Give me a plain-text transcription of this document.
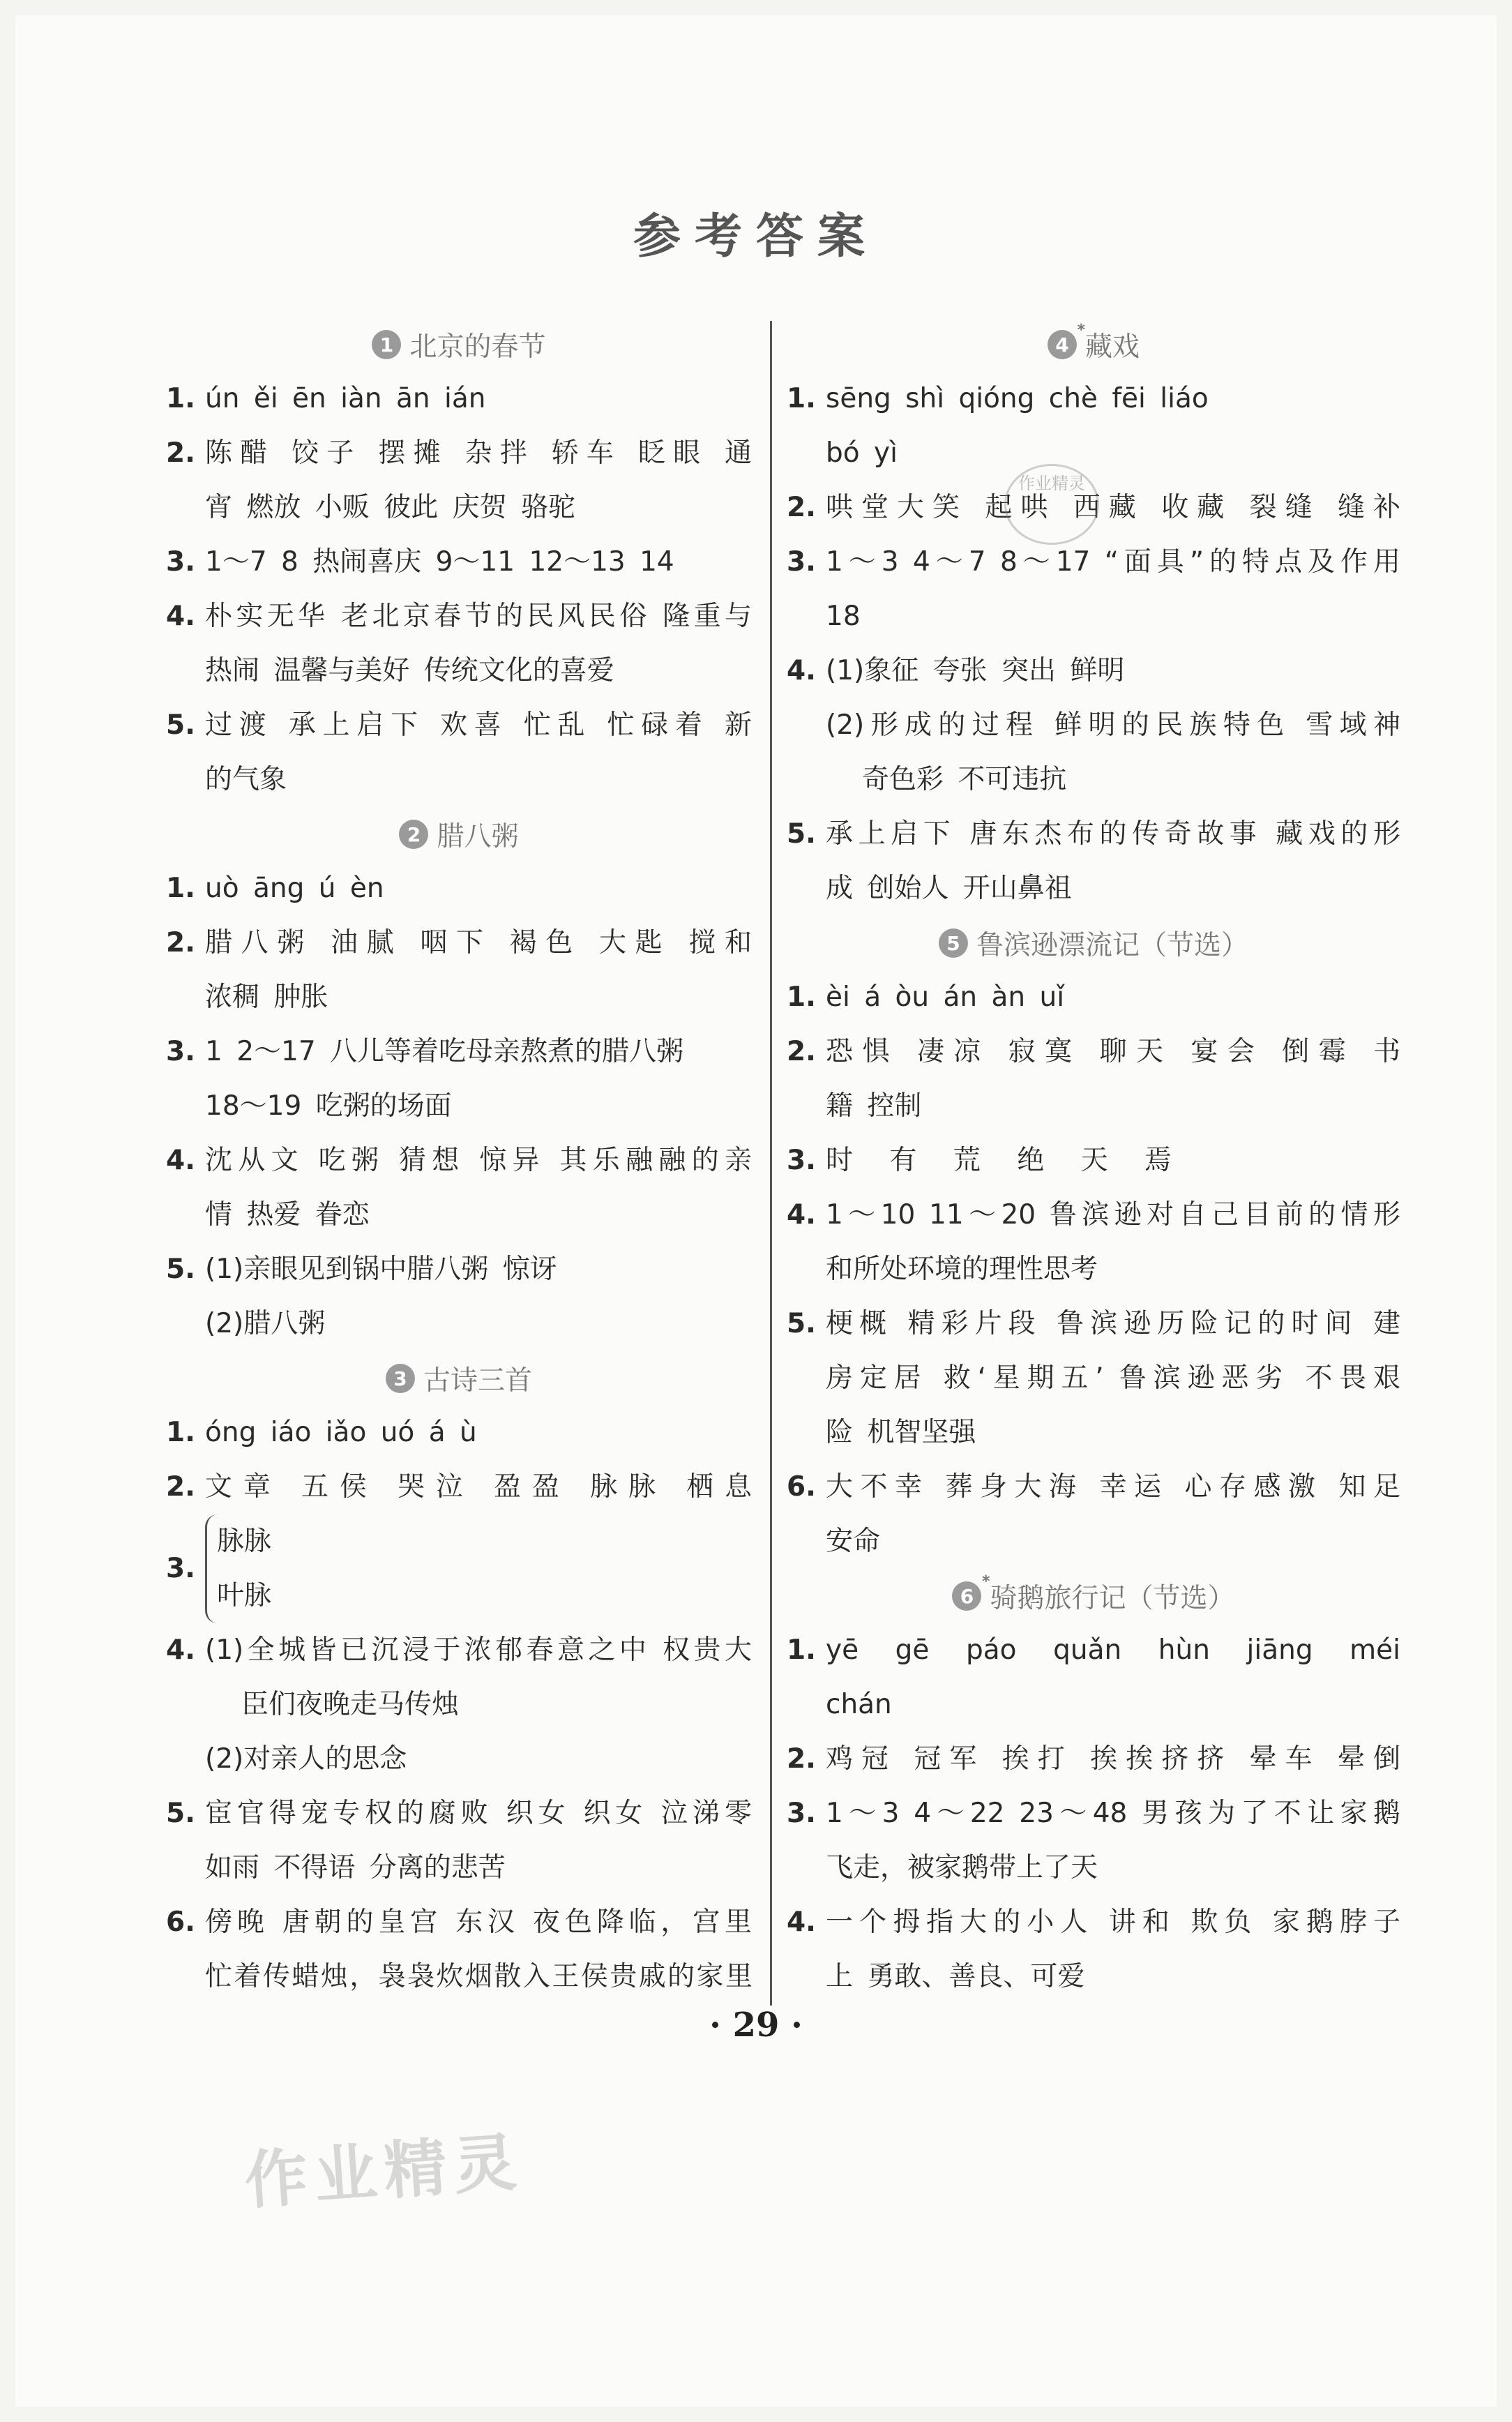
参考答案
1 北京的春节
1. ún ěi ēn iàn ān ián
2. 陈醋 饺子 摆摊 杂拌 轿车 眨眼 通
宵 燃放 小贩 彼此 庆贺 骆驼
3. 1～7 8 热闹喜庆 9～11 12～13 14
4. 朴实无华 老北京春节的民风民俗 隆重与
热闹 温馨与美好 传统文化的喜爱
5. 过渡 承上启下 欢喜 忙乱 忙碌着 新
的气象
2 腊八粥
1. uò āng ú èn
2. 腊八粥 油腻 咽下 褐色 大匙 搅和
浓稠 肿胀
3. 1 2～17 八儿等着吃母亲熬煮的腊八粥
18～19 吃粥的场面
4. 沈从文 吃粥 猜想 惊异 其乐融融的亲
情 热爱 眷恋
5. (1)亲眼见到锅中腊八粥 惊讶
(2)腊八粥
3 古诗三首
1. óng iáo iǎo uó á ù
2. 文章 五侯 哭泣 盈盈 脉脉 栖息
3.
脉脉
叶脉
4. (1)全城皆已沉浸于浓郁春意之中 权贵大
臣们夜晚走马传烛
(2)对亲人的思念
5. 宦官得宠专权的腐败 织女 织女 泣涕零
如雨 不得语 分离的悲苦
6. 傍晚 唐朝的皇宫 东汉 夜色降临，宫里
忙着传蜡烛，袅袅炊烟散入王侯贵戚的家里
4
*
藏戏
1. sēng shì qióng chè fēi liáo
bó yì
2. 哄堂大笑 起哄 西藏 收藏 裂缝 缝补
3. 1～3 4～7 8～17 “面具”的特点及作用
18
4. (1)象征 夸张 突出 鲜明
(2)形成的过程 鲜明的民族特色 雪域神
奇色彩 不可违抗
5. 承上启下 唐东杰布的传奇故事 藏戏的形
成 创始人 开山鼻祖
5 鲁滨逊漂流记（节选）
1. èi á òu án àn uǐ
2. 恐惧 凄凉 寂寞 聊天 宴会 倒霉 书
籍 控制
3. 时 有 荒 绝 天 焉
4. 1～10 11～20 鲁滨逊对自己目前的情形
和所处环境的理性思考
5. 梗概 精彩片段 鲁滨逊历险记的时间 建
房定居 救‘星期五’ 鲁滨逊恶劣 不畏艰
险 机智坚强
6. 大不幸 葬身大海 幸运 心存感激 知足
安命
6
*
骑鹅旅行记（节选）
1. yē gē páo quǎn hùn jiāng méi
chán
2. 鸡冠 冠军 挨打 挨挨挤挤 晕车 晕倒
3. 1～3 4～22 23～48 男孩为了不让家鹅
飞走，被家鹅带上了天
4. 一个拇指大的小人 讲和 欺负 家鹅脖子
上 勇敢、善良、可爱
作业精灵
· 29 ·
作业精灵
